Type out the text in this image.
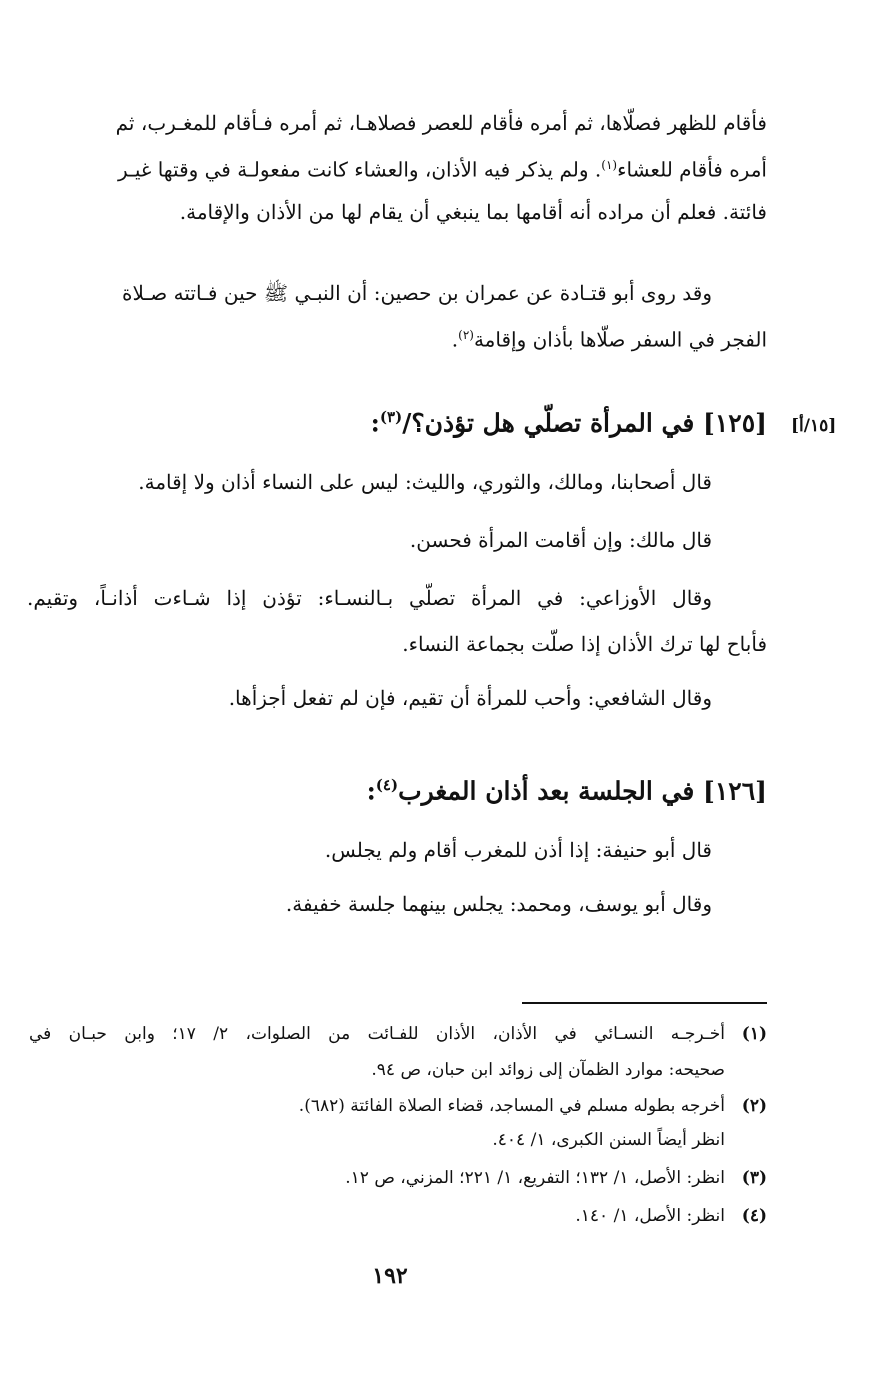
فأقام للظهر فصلّاها، ثم أمره فأقام للعصر فصلاهـا، ثم أمره فـأقام للمغـرب، ثم
أمره فأقام للعشاء$^{(١)}$. ولم يذكر فيه الأذان، والعشاء كانت مفعولـة في وقتها غيـر
فائتة. فعلم أن مراده أنه أقامها بما ينبغي أن يقام لها من الأذان والإقامة.
وقد روى أبو قتـادة عن عمران بن حصين: أن النبـي ﷺ حين فـاتته صـلاة
الفجر في السفر صلّاها بأذان وإقامة$^{(٢)}$.
[١٥/أ]
[١٢٥] في المرأة تصلّي هل تؤذن؟/$^{(٣)}$:
قال أصحابنا، ومالك، والثوري، والليث: ليس على النساء أذان ولا إقامة.
قال مالك: وإن أقامت المرأة فحسن.
وقال الأوزاعي: في المرأة تصلّي بـالنسـاء: تؤذن إذا شـاءت أذانـاً، وتقيم.
فأباح لها ترك الأذان إذا صلّت بجماعة النساء.
وقال الشافعي: وأحب للمرأة أن تقيم، فإن لم تفعل أجزأها.
[١٢٦] في الجلسة بعد أذان المغرب$^{(٤)}$:
قال أبو حنيفة: إذا أذن للمغرب أقام ولم يجلس.
وقال أبو يوسف، ومحمد: يجلس بينهما جلسة خفيفة.
(١)
أخـرجـه النسـائي في الأذان، الأذان للفـائت من الصلوات، ٢/ ١٧؛ وابن حبـان في
صحيحه: موارد الظمآن إلى زوائد ابن حبان، ص ٩٤.
(٢)
أخرجه بطوله مسلم في المساجد، قضاء الصلاة الفائتة (٦٨٢).
انظر أيضاً السنن الكبرى، ١/ ٤٠٤.
(٣)
انظر: الأصل، ١/ ١٣٢؛ التفريع، ١/ ٢٢١؛ المزني، ص ١٢.
(٤)
انظر: الأصل، ١/ ١٤٠.
١٩٢
